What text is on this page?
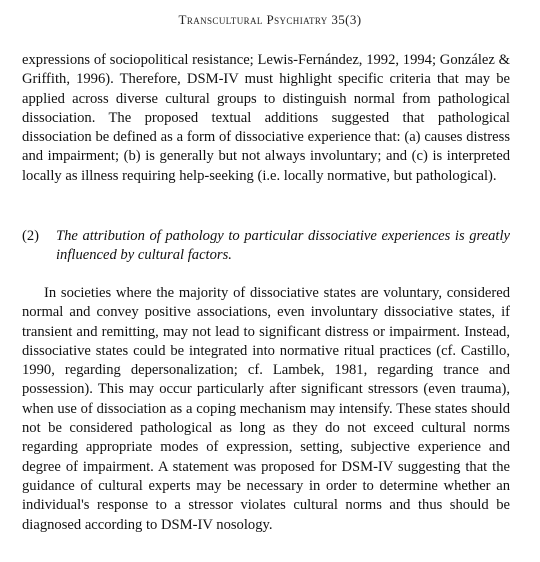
Transcultural Psychiatry 35(3)

expressions of sociopolitical resistance; Lewis-Fernández, 1992, 1994; González & Griffith, 1996). Therefore, DSM-IV must highlight specific criteria that may be applied across diverse cultural groups to distinguish normal from pathological dissociation. The proposed textual additions suggested that pathological dissociation be defined as a form of dissociative experience that: (a) causes distress and impairment; (b) is generally but not always involuntary; and (c) is interpreted locally as illness requiring help-seeking (i.e. locally normative, but pathological).

(2) The attribution of pathology to particular dissociative experiences is greatly influenced by cultural factors.

In societies where the majority of dissociative states are voluntary, considered normal and convey positive associations, even involuntary dissociative states, if transient and remitting, may not lead to significant distress or impairment. Instead, dissociative states could be integrated into normative ritual practices (cf. Castillo, 1990, regarding depersonalization; cf. Lambek, 1981, regarding trance and possession). This may occur particularly after significant stressors (even trauma), when use of dissociation as a coping mechanism may intensify. These states should not be considered pathological as long as they do not exceed cultural norms regarding appropriate modes of expression, setting, subjective experience and degree of impairment. A statement was proposed for DSM-IV suggesting that the guidance of cultural experts may be necessary in order to determine whether an individual's response to a stressor violates cultural norms and thus should be diagnosed according to DSM-IV nosology.
